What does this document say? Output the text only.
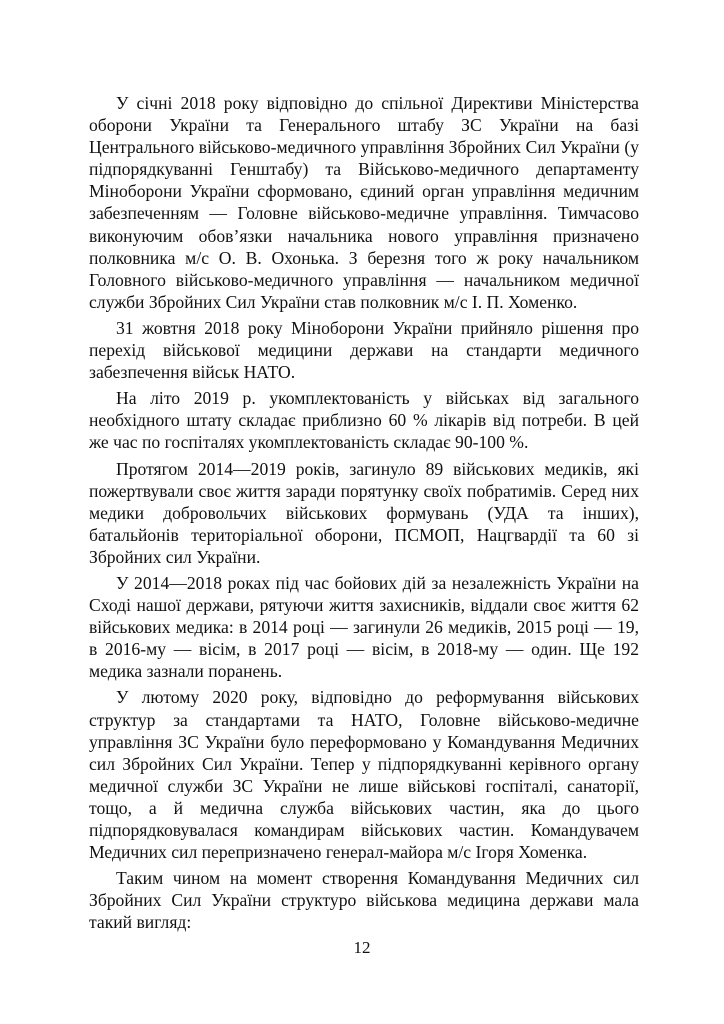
У січні 2018 року відповідно до спільної Директиви Міністерства оборони України та Генерального штабу ЗС України на базі Центрального військово-медичного управління Збройних Сил України (у підпорядкуванні Генштабу) та Військово-медичного департаменту Міноборони України сформовано, єдиний орган управління медичним забезпеченням — Головне військово-медичне управління. Тимчасово виконуючим обов’язки начальника нового управління призначено полковника м/с О. В. Охонька. З березня того ж року начальником Головного військово-медичного управління — начальником медичної служби Збройних Сил України став полковник м/с І. П. Хоменко.

31 жовтня 2018 року Міноборони України прийняло рішення про перехід військової медицини держави на стандарти медичного забезпечення військ НАТО.

На літо 2019 р. укомплектованість у військах від загального необхідного штату складає приблизно 60 % лікарів від потреби. В цей же час по госпіталях укомплектованість складає 90-100 %.

Протягом 2014—2019 років, загинуло 89 військових медиків, які пожертвували своє життя заради порятунку своїх побратимів. Серед них медики добровольчих військових формувань (УДА та інших), батальйонів територіальної оборони, ПСМОП, Нацгвардії та 60 зі Збройних сил України.

У 2014—2018 роках під час бойових дій за незалежність України на Сході нашої держави, рятуючи життя захисників, віддали своє життя 62 військових медика: в 2014 році — загинули 26 медиків, 2015 році — 19, в 2016-му — вісім, в 2017 році — вісім, в 2018-му — один. Ще 192 медика зазнали поранень.

У лютому 2020 року, відповідно до реформування військових структур за стандартами та НАТО, Головне військово-медичне управління ЗС України було переформовано у Командування Медичних сил Збройних Сил України. Тепер у підпорядкуванні керівного органу медичної служби ЗС України не лише військові госпіталі, санаторії, тощо, а й медична служба військових частин, яка до цього підпорядковувалася командирам військових частин. Командувачем Медичних сил перепризначено генерал-майора м/с Ігоря Хоменка.

Таким чином на момент створення Командування Медичних сил Збройних Сил України структуро військова медицина держави мала такий вигляд:

12
